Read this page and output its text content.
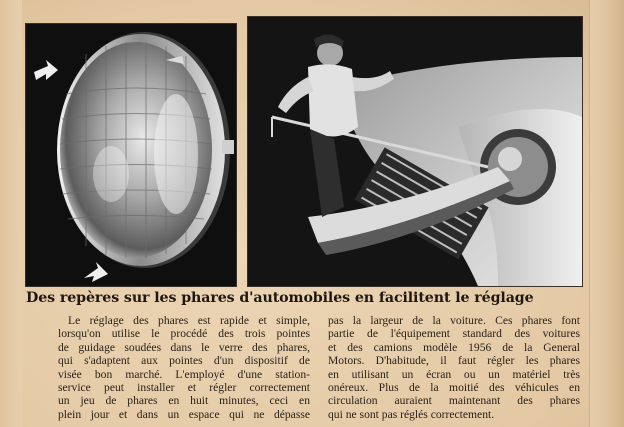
Des repères sur les phares d'automobiles en facilitent le réglage
Le réglage des phares est rapide et simple,
lorsqu'on utilise le procédé des trois pointes
de guidage soudées dans le verre des phares,
qui s'adaptent aux pointes d'un dispositif de
visée bon marché. L'employé d'une station-
service peut installer et régler correctement
un jeu de phares en huit minutes, ceci en
plein jour et dans un espace qui ne dépasse
pas la largeur de la voiture. Ces phares font
partie de l'équipement standard des voitures
et des camions modèle 1956 de la General
Motors. D'habitude, il faut régler les phares
en utilisant un écran ou un matériel très
onéreux. Plus de la moitié des véhicules en
circulation auraient maintenant des phares
qui ne sont pas réglés correctement.
